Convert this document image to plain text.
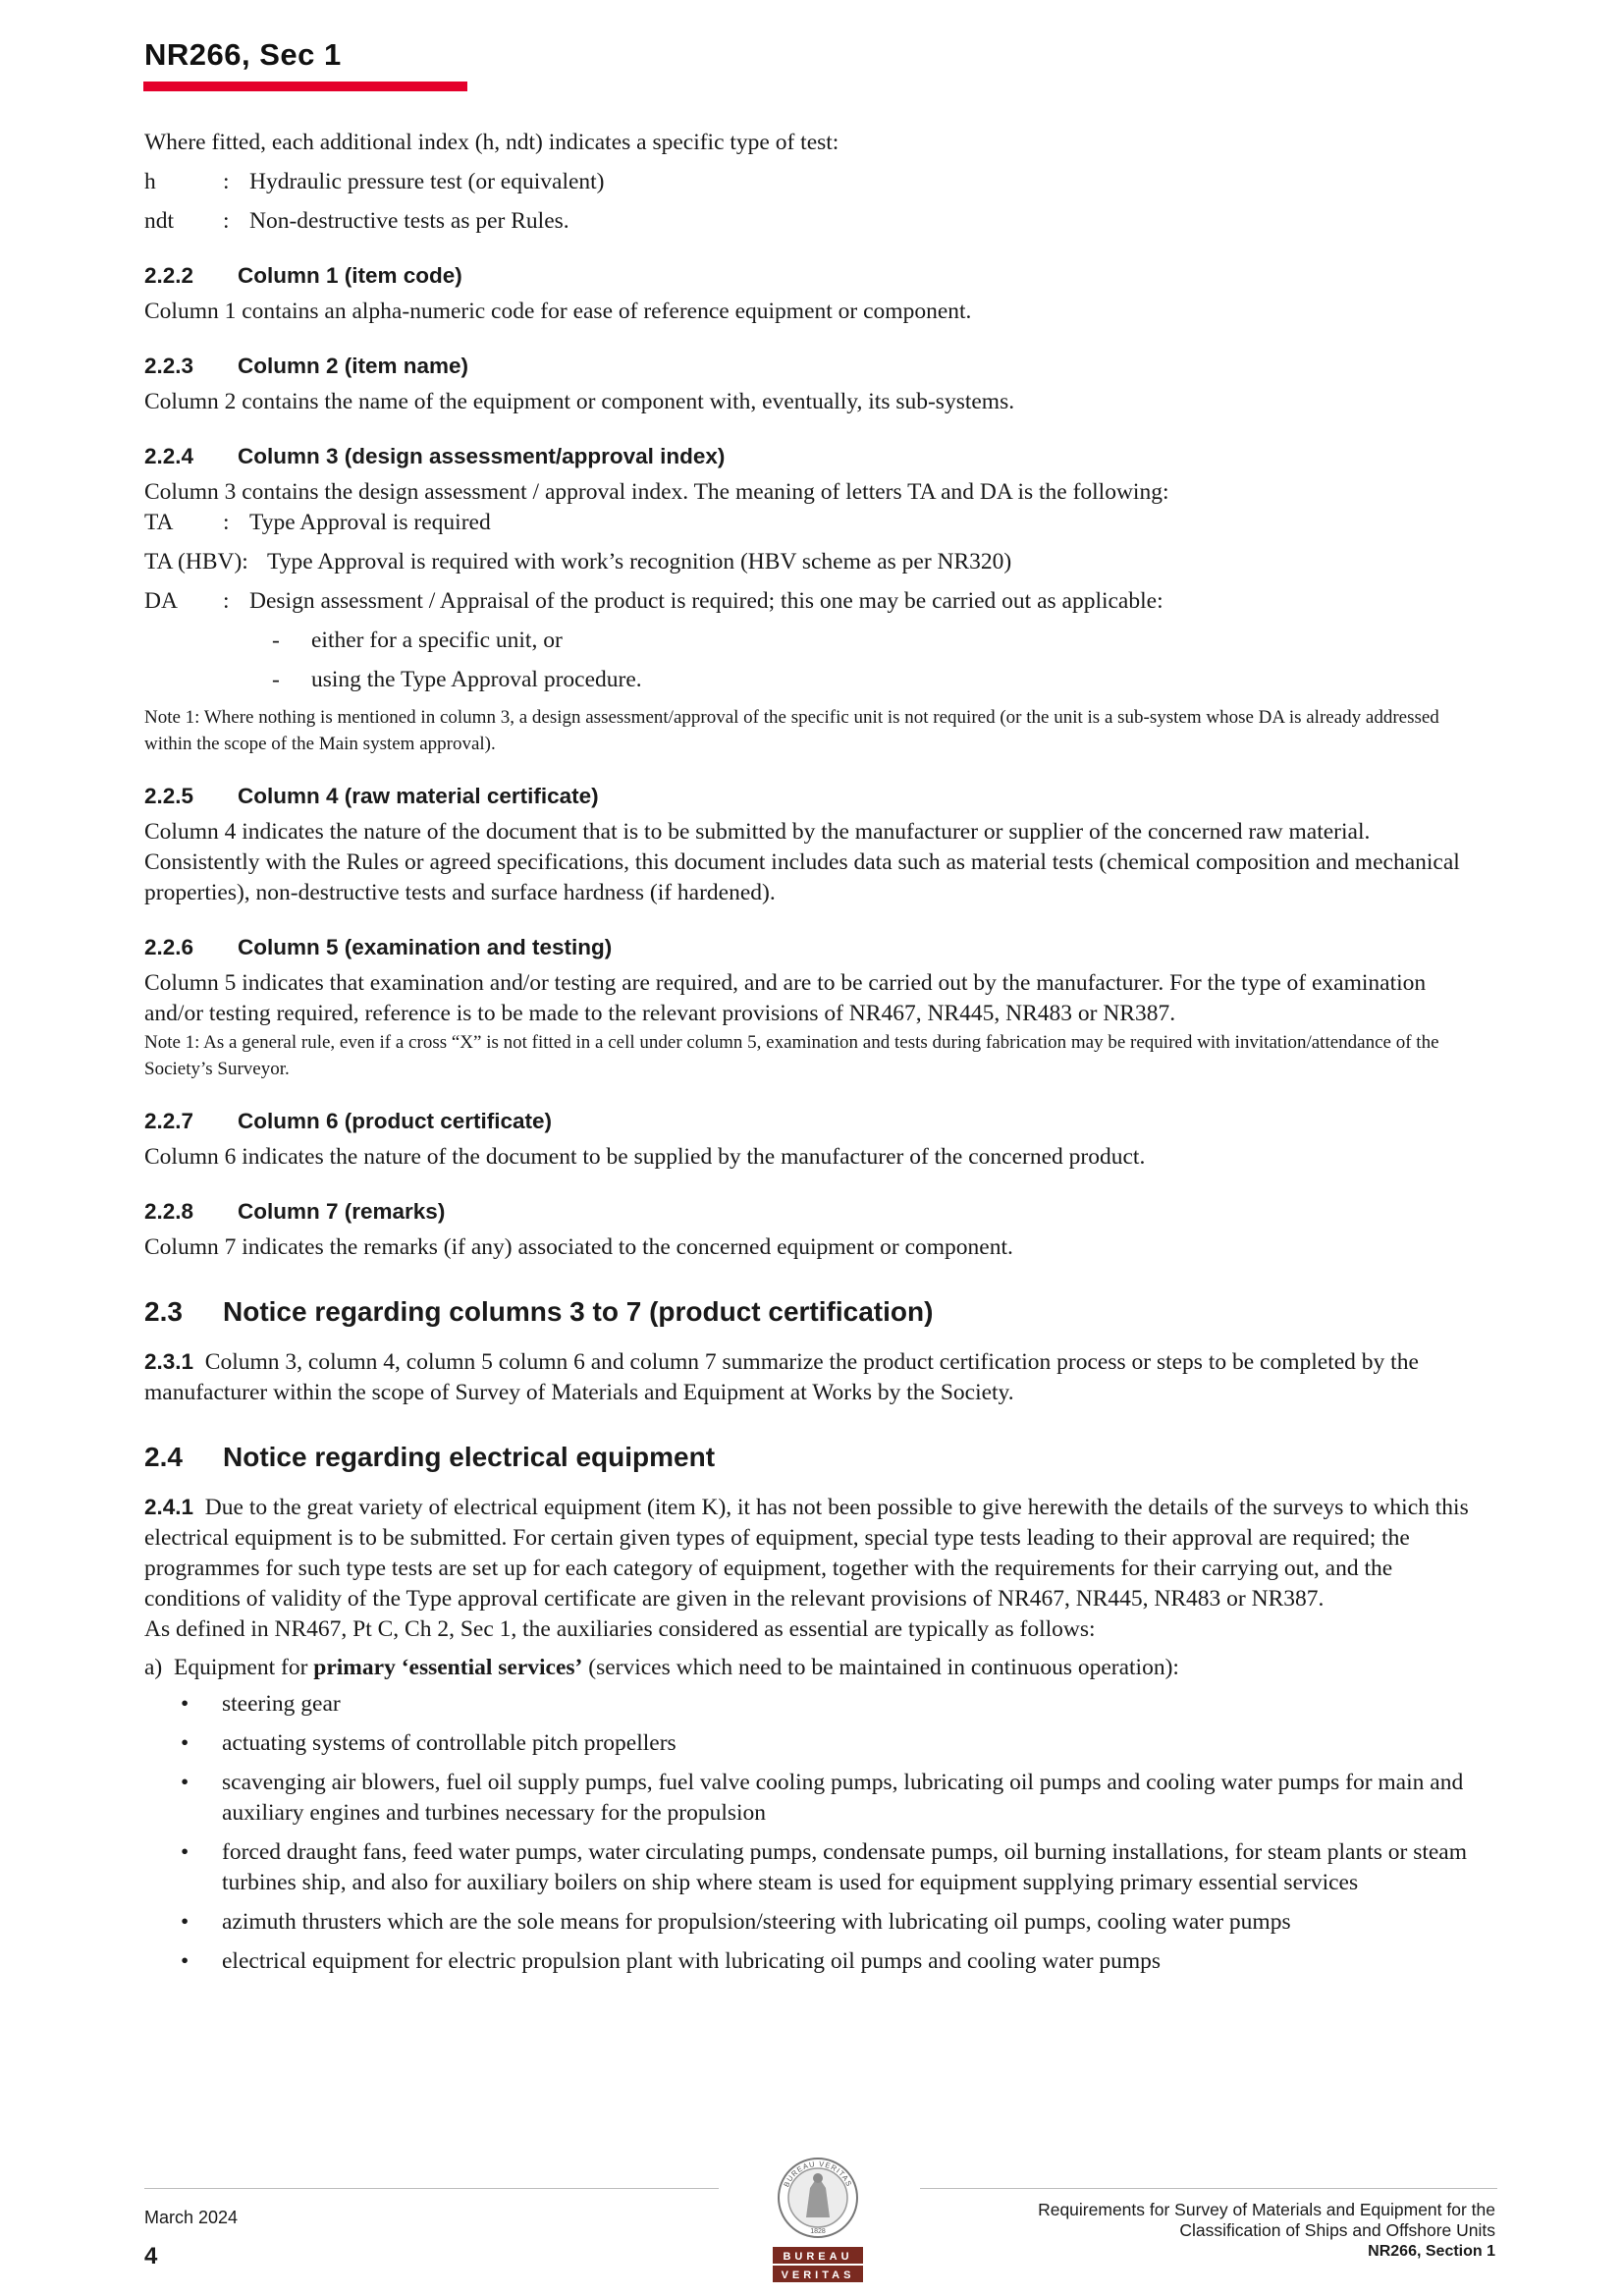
NR266, Sec 1

Where fitted, each additional index (h, ndt) indicates a specific type of test:

h	: Hydraulic pressure test (or equivalent)
ndt	: Non-destructive tests as per Rules.
2.2.2 Column 1 (item code)

Column 1 contains an alpha-numeric code for ease of reference equipment or component.

2.2.3 Column 2 (item name)

Column 2 contains the name of the equipment or component with, eventually, its sub-systems.

2.2.4 Column 3 (design assessment/approval index)

Column 3 contains the design assessment / approval index. The meaning of letters TA and DA is the following:

TA	: Type Approval is required
TA (HBV): Type Approval is required with work’s recognition (HBV scheme as per NR320)
DA	: Design assessment / Appraisal of the product is required; this one may be carried out as applicable:
-	either for a specific unit, or
-	using the Type Approval procedure.

Note 1: Where nothing is mentioned in column 3, a design assessment/approval of the specific unit is not required (or the unit is a sub-system whose DA is already addressed within the scope of the Main system approval).

2.2.5 Column 4 (raw material certificate)

Column 4 indicates the nature of the document that is to be submitted by the manufacturer or supplier of the concerned raw material. Consistently with the Rules or agreed specifications, this document includes data such as material tests (chemical composition and mechanical properties), non-destructive tests and surface hardness (if hardened).

2.2.6 Column 5 (examination and testing)

Column 5 indicates that examination and/or testing are required, and are to be carried out by the manufacturer. For the type of examination and/or testing required, reference is to be made to the relevant provisions of NR467, NR445, NR483 or NR387.

Note 1: As a general rule, even if a cross “X” is not fitted in a cell under column 5, examination and tests during fabrication may be required with invitation/attendance of the Society’s Surveyor.

2.2.7 Column 6 (product certificate)

Column 6 indicates the nature of the document to be supplied by the manufacturer of the concerned product.

2.2.8 Column 7 (remarks)

Column 7 indicates the remarks (if any) associated to the concerned equipment or component.

2.3 Notice regarding columns 3 to 7 (product certification)

2.3.1 Column 3, column 4, column 5 column 6 and column 7 summarize the product certification process or steps to be completed by the manufacturer within the scope of Survey of Materials and Equipment at Works by the Society.

2.4 Notice regarding electrical equipment

2.4.1 Due to the great variety of electrical equipment (item K), it has not been possible to give herewith the details of the surveys to which this electrical equipment is to be submitted. For certain given types of equipment, special type tests leading to their approval are required; the programmes for such type tests are set up for each category of equipment, together with the requirements for their carrying out, and the conditions of validity of the Type approval certificate are given in the relevant provisions of NR467, NR445, NR483 or NR387.

As defined in NR467, Pt C, Ch 2, Sec 1, the auxiliaries considered as essential are typically as follows:

a) Equipment for primary ‘essential services’ (services which need to be maintained in continuous operation):
•	steering gear
•	actuating systems of controllable pitch propellers
•	scavenging air blowers, fuel oil supply pumps, fuel valve cooling pumps, lubricating oil pumps and cooling water pumps for main and auxiliary engines and turbines necessary for the propulsion
•	forced draught fans, feed water pumps, water circulating pumps, condensate pumps, oil burning installations, for steam plants or steam turbines ship, and also for auxiliary boilers on ship where steam is used for equipment supplying primary essential services
•	azimuth thrusters which are the sole means for propulsion/steering with lubricating oil pumps, cooling water pumps
•	electrical equipment for electric propulsion plant with lubricating oil pumps and cooling water pumps
March 2024
4
Requirements for Survey of Materials and Equipment for the
Classification of Ships and Offshore Units
NR266, Section 1
BUREAU VERITAS
1828
BUREAU
VERITAS
